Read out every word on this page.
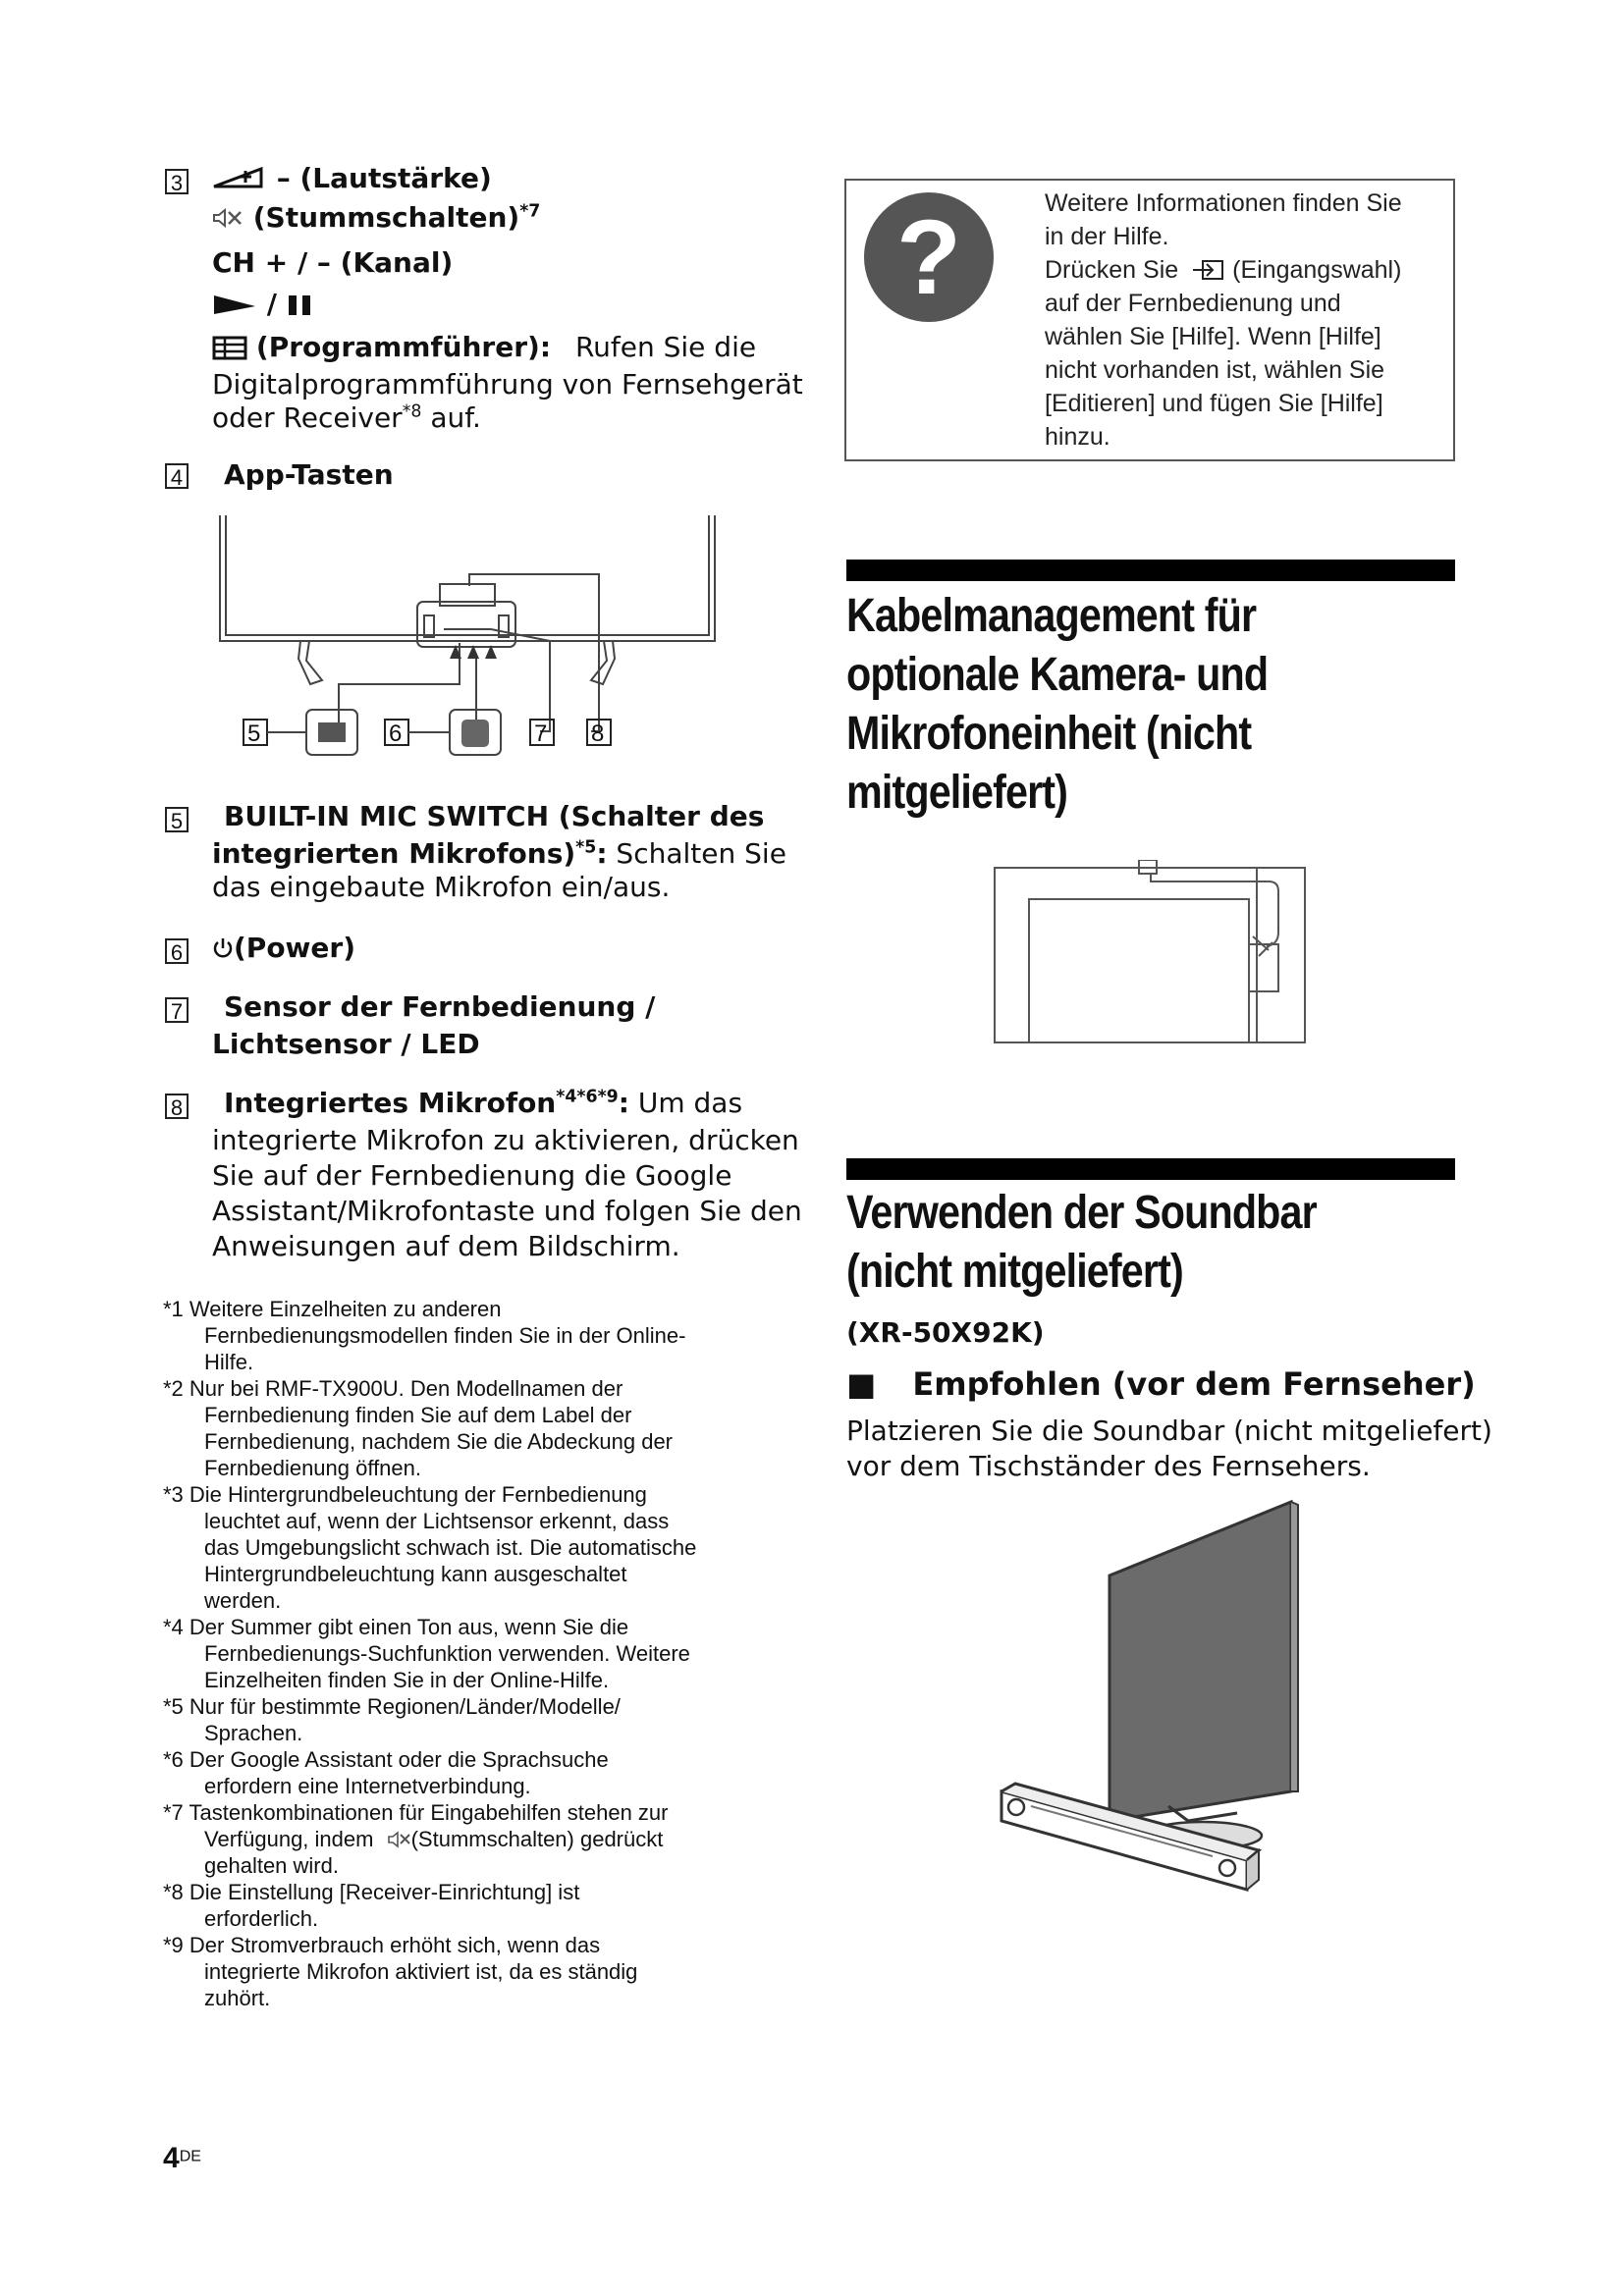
3	– (Lautstärke)
(Stummschalten)$^{*7}$
CH + / – (Kanal)
/
(Programmführer): Rufen Sie die
Digitalprogrammführung von Fernsehgerät
oder Receiver$^{*8}$ auf.
4 App-Tasten
5	6	7 8
5 BUILT-IN MIC SWITCH (Schalter des
integrierten Mikrofons)$^{*5}$: Schalten Sie
das eingebaute Mikrofon ein/aus.
6	(Power)
7 Sensor der Fernbedienung /
Lichtsensor / LED
8 Integriertes Mikrofon$^{*4*6*9}$: Um das
integrierte Mikrofon zu aktivieren, drücken
Sie auf der Fernbedienung die Google
Assistant/Mikrofontaste und folgen Sie den
Anweisungen auf dem Bildschirm.
*1 Weitere Einzelheiten zu anderen
Fernbedienungsmodellen finden Sie in der Online-
Hilfe.
*2 Nur bei RMF-TX900U. Den Modellnamen der
Fernbedienung finden Sie auf dem Label der
Fernbedienung, nachdem Sie die Abdeckung der
Fernbedienung öffnen.
*3 Die Hintergrundbeleuchtung der Fernbedienung
leuchtet auf, wenn der Lichtsensor erkennt, dass
das Umgebungslicht schwach ist. Die automatische
Hintergrundbeleuchtung kann ausgeschaltet
werden.
*4 Der Summer gibt einen Ton aus, wenn Sie die
Fernbedienungs-Suchfunktion verwenden. Weitere
Einzelheiten finden Sie in der Online-Hilfe.
*5 Nur für bestimmte Regionen/Länder/Modelle/
Sprachen.
*6 Der Google Assistant oder die Sprachsuche
erfordern eine Internetverbindung.
*7 Tastenkombinationen für Eingabehilfen stehen zur
Verfügung, indem (Stummschalten) gedrückt
gehalten wird.
*8 Die Einstellung [Receiver-Einrichtung] ist
erforderlich.
*9 Der Stromverbrauch erhöht sich, wenn das
integrierte Mikrofon aktiviert ist, da es ständig
zuhört.
4DE
?	Weitere Informationen finden Sie
in der Hilfe.
Drücken Sie (Eingangswahl)
auf der Fernbedienung und
wählen Sie [Hilfe]. Wenn [Hilfe]
nicht vorhanden ist, wählen Sie
[Editieren] und fügen Sie [Hilfe]
hinzu.
Kabelmanagement für
optionale Kamera- und
Mikrofoneinheit (nicht
mitgeliefert)
Verwenden der Soundbar
(nicht mitgeliefert)
(XR-50X92K)
■ Empfohlen (vor dem Fernseher)
Platzieren Sie die Soundbar (nicht mitgeliefert)
vor dem Tischständer des Fernsehers.
